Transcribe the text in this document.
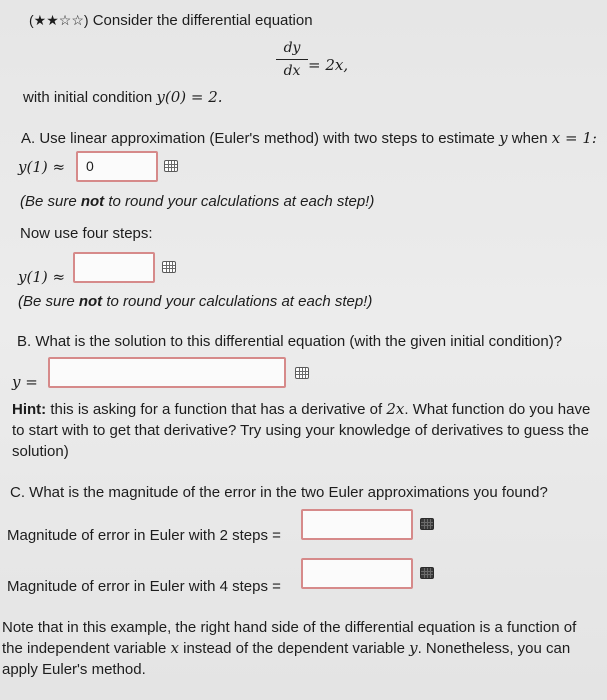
(★★☆☆) Consider the differential equation
dy
dx = 2x,
with initial condition y(0) = 2.
A. Use linear approximation (Euler's method) with two steps to estimate y when x = 1:
y(1) ≈ 0
(Be sure not to round your calculations at each step!)
Now use four steps:
y(1) ≈
(Be sure not to round your calculations at each step!)
B. What is the solution to this differential equation (with the given initial condition)?
y =
Hint: this is asking for a function that has a derivative of 2x. What function do you have
to start with to get that derivative? Try using your knowledge of derivatives to guess the
solution)
C. What is the magnitude of the error in the two Euler approximations you found?
Magnitude of error in Euler with 2 steps =
Magnitude of error in Euler with 4 steps =
Note that in this example, the right hand side of the differential equation is a function of
the independent variable x instead of the dependent variable y. Nonetheless, you can
apply Euler's method.
